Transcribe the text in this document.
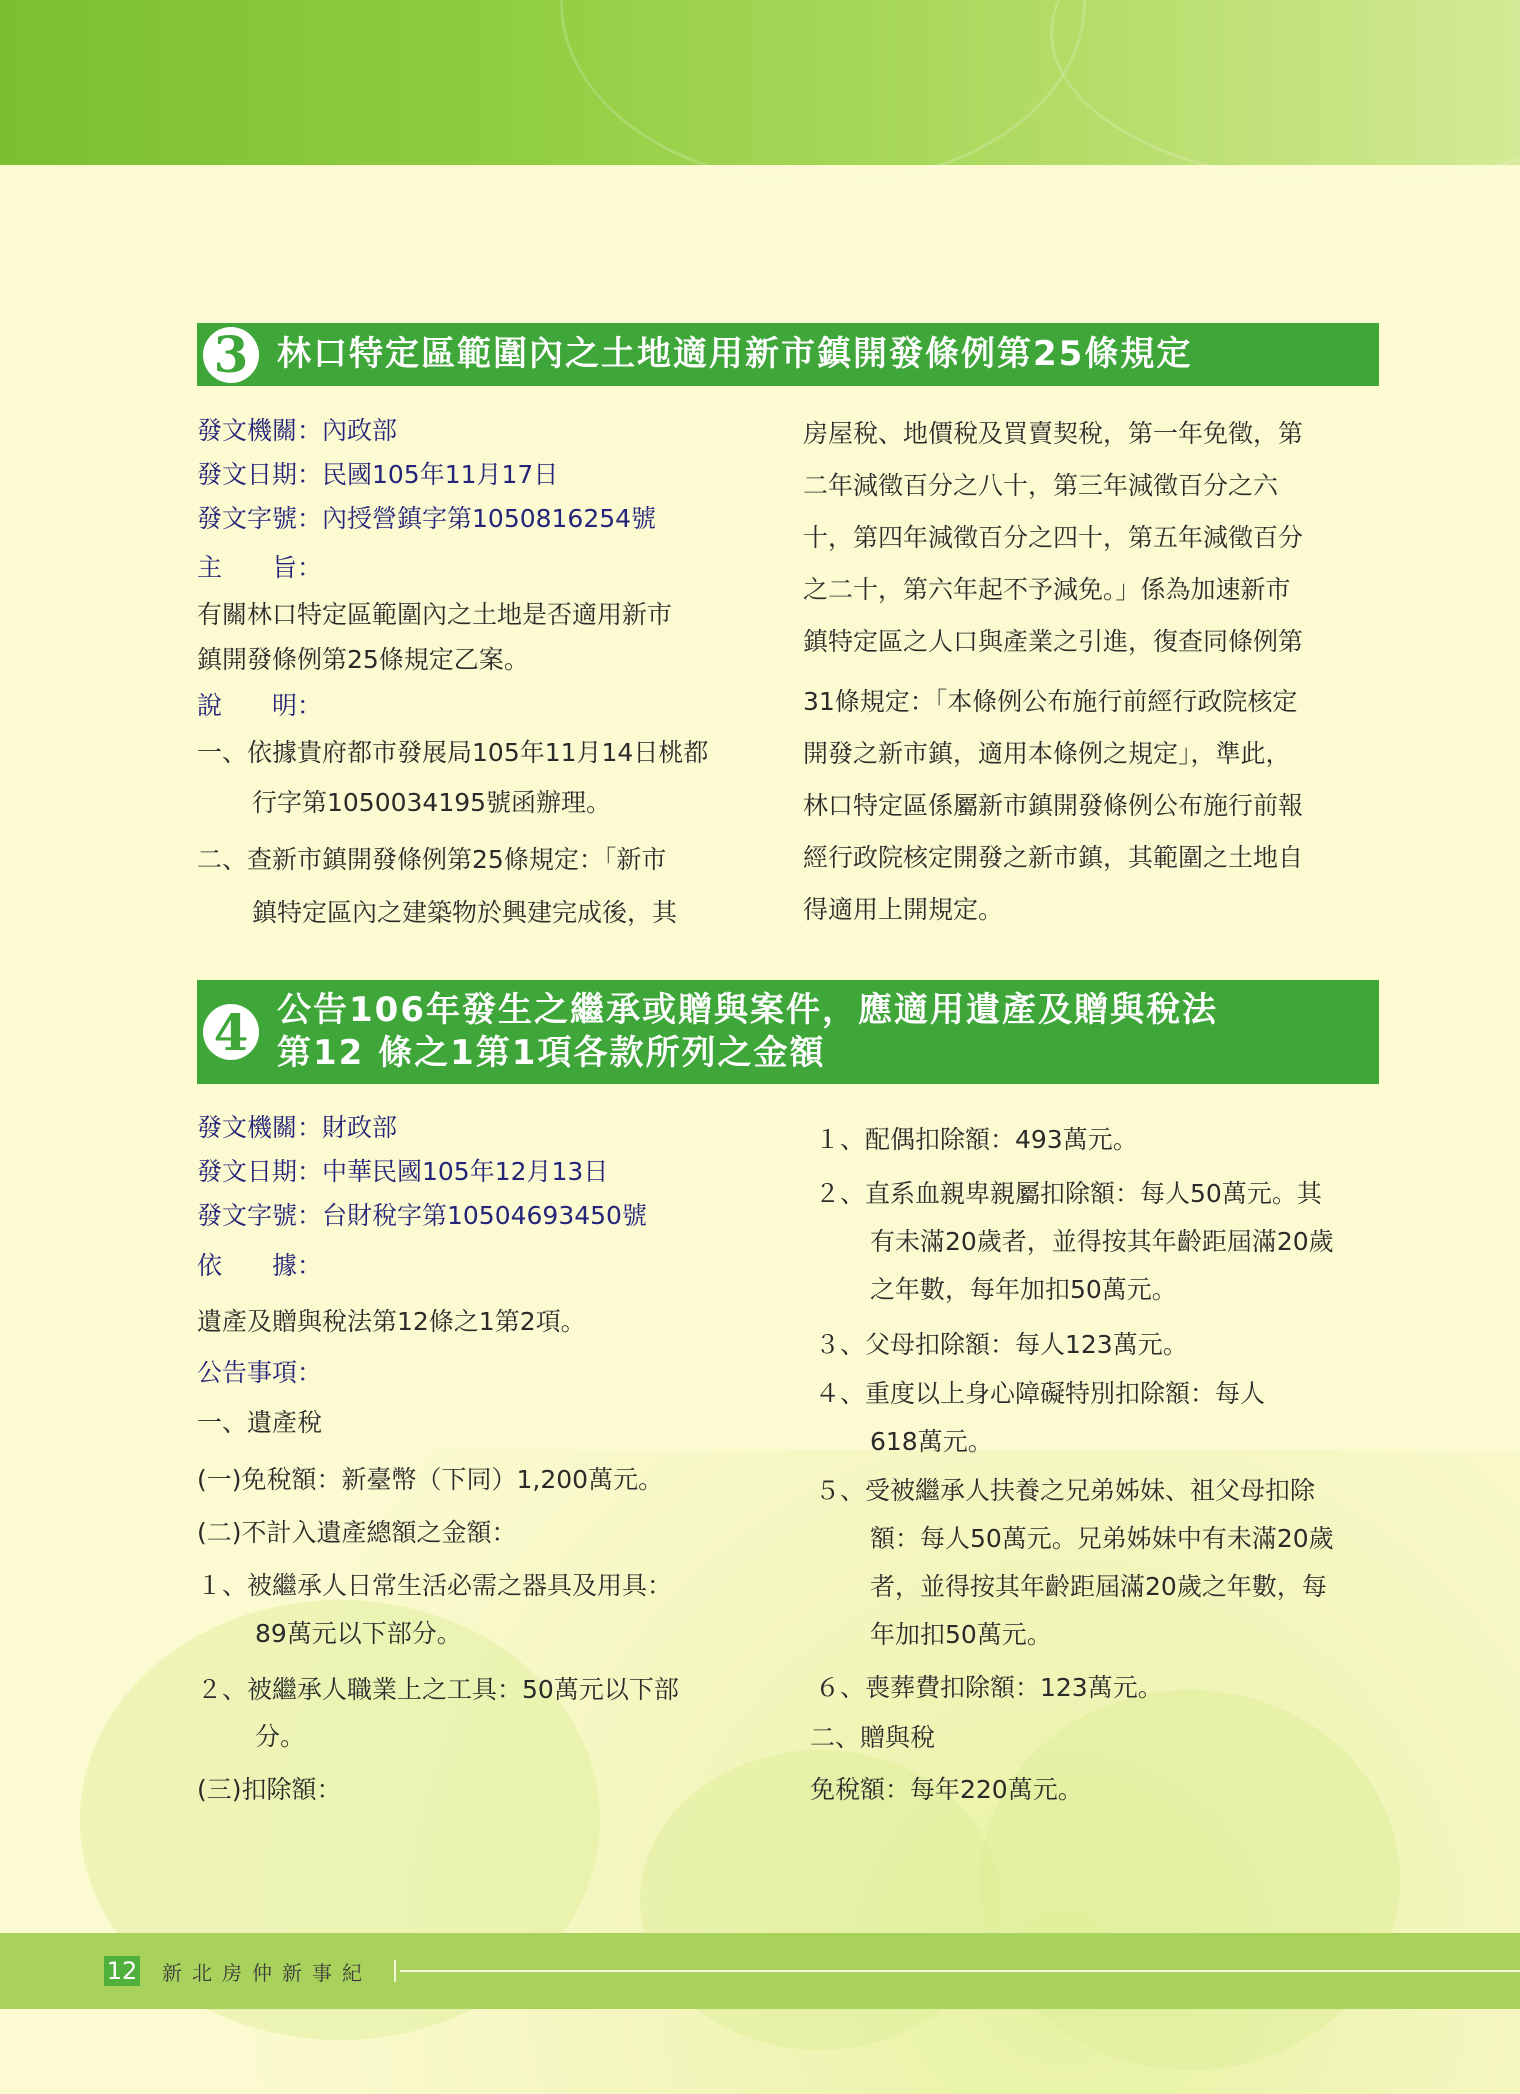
3 林口特定區範圍內之土地適用新市鎮開發條例第25條規定
發文機關：內政部
發文日期：民國105年11月17日
發文字號：內授營鎮字第1050816254號
主　　旨：
有關林口特定區範圍內之土地是否適用新市
鎮開發條例第25條規定乙案。
說　　明：
一、依據貴府都市發展局105年11月14日桃都
行字第1050034195號函辦理。
二、查新市鎮開發條例第25條規定：「新市
鎮特定區內之建築物於興建完成後，其
房屋稅、地價稅及買賣契稅，第一年免徵，第
二年減徵百分之八十，第三年減徵百分之六
十，第四年減徵百分之四十，第五年減徵百分
之二十，第六年起不予減免。」係為加速新市
鎮特定區之人口與產業之引進，復查同條例第
31條規定：「本條例公布施行前經行政院核定
開發之新市鎮，適用本條例之規定」，準此，
林口特定區係屬新市鎮開發條例公布施行前報
經行政院核定開發之新市鎮，其範圍之土地自
得適用上開規定。
4 公告106年發生之繼承或贈與案件，應適用遺產及贈與稅法
第12 條之1第1項各款所列之金額
發文機關：財政部
發文日期：中華民國105年12月13日
發文字號：台財稅字第10504693450號
依　　據：
遺產及贈與稅法第12條之1第2項。
公告事項：
一、遺產稅
(一)免稅額：新臺幣（下同）1,200萬元。
(二)不計入遺產總額之金額：
１、被繼承人日常生活必需之器具及用具：
89萬元以下部分。
２、被繼承人職業上之工具：50萬元以下部
分。
(三)扣除額：
１、配偶扣除額：493萬元。
２、直系血親卑親屬扣除額：每人50萬元。其
有未滿20歲者，並得按其年齡距屆滿20歲
之年數，每年加扣50萬元。
３、父母扣除額：每人123萬元。
４、重度以上身心障礙特別扣除額：每人
618萬元。
５、受被繼承人扶養之兄弟姊妹、祖父母扣除
額：每人50萬元。兄弟姊妹中有未滿20歲
者，並得按其年齡距屆滿20歲之年數，每
年加扣50萬元。
６、喪葬費扣除額：123萬元。
二、贈與稅
免稅額：每年220萬元。
12 新北房仲新事紀
